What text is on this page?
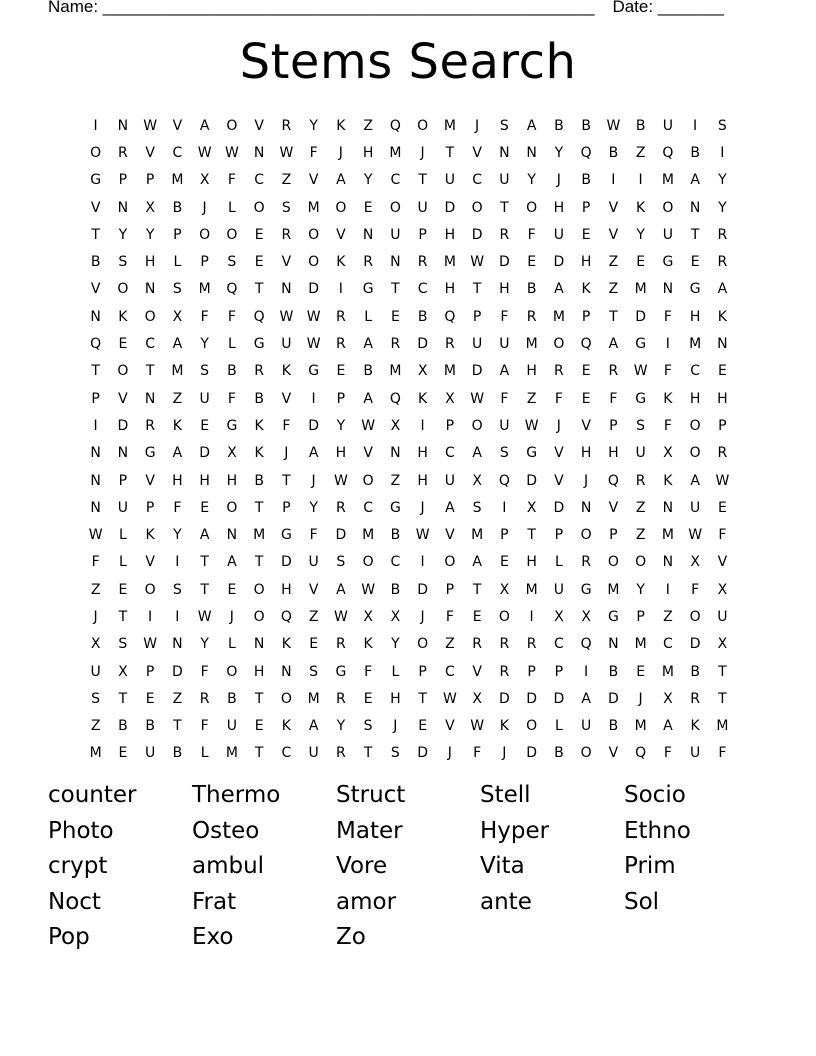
Name: ____________________________________________________ Date: _______
Stems Search
I	N	W	V	A	O	V	R	Y	K	Z	Q	O	M	J	S	A	B	B	W	B	U	I	S
O	R	V	C	W W	N	W	F	J	H	M	J	T	V	N	N	Y	Q	B	Z	Q	B	I
G	P	P	M	X	F	C	Z	V	A	Y	C	T	U	C	U	Y	J	B	I	I	M	A	Y
V	N	X	B	J	L	O	S	M	O	E	O	U	D	O	T	O	H	P	V	K	O	N	Y
T	Y	Y	P	O	O	E	R	O	V	N	U	P	H	D	R	F	U	E	V	Y	U	T	R
B	S	H	L	P	S	E	V	O	K	R	N	R	M	W	D	E	D	H	Z	E	G	E	R
V	O	N	S	M	Q	T	N	D	I	G	T	C	H	T	H	B	A	K	Z	M	N	G	A
N	K	O	X	F	F	Q	W W	R	L	E	B	Q	P	F	R	M	P	T	D	F	H	K
Q	E	C	A	Y	L	G	U	W	R	A	R	D	R	U	U	M	O	Q	A	G	I	M	N
T	O	T	M	S	B	R	K	G	E	B	M	X	M	D	A	H	R	E	R	W	F	C	E
P	V	N	Z	U	F	B	V	I	P	A	Q	K	X	W	F	Z	F	E	F	G	K	H	H
I	D	R	K	E	G	K	F	D	Y	W	X	I	P	O	U	W	J	V	P	S	F	O	P
N	N	G	A	D	X	K	J	A	H	V	N	H	C	A	S	G	V	H	H	U	X	O	R
N	P	V	H	H	H	B	T	J	W	O	Z	H	U	X	Q	D	V	J	Q	R	K	A	W
N	U	P	F	E	O	T	P	Y	R	C	G	J	A	S	I	X	D	N	V	Z	N	U	E
W	L	K	Y	A	N	M	G	F	D	M	B	W	V	M	P	T	P	O	P	Z	M	W	F
F	L	V	I	T	A	T	D	U	S	O	C	I	O	A	E	H	L	R	O	O	N	X	V
Z	E	O	S	T	E	O	H	V	A	W	B	D	P	T	X	M	U	G	M	Y	I	F	X
J	T	I	I	W	J	O	Q	Z	W	X	X	J	F	E	O	I	X	X	G	P	Z	O	U
X	S	W	N	Y	L	N	K	E	R	K	Y	O	Z	R	R	R	C	Q	N	M	C	D	X
U	X	P	D	F	O	H	N	S	G	F	L	P	C	V	R	P	P	I	B	E	M	B	T
S	T	E	Z	R	B	T	O	M	R	E	H	T	W	X	D	D	D	A	D	J	X	R	T
Z	B	B	T	F	U	E	K	A	Y	S	J	E	V	W	K	O	L	U	B	M	A	K	M
M	E	U	B	L	M	T	C	U	R	T	S	D	J	F	J	D	B	O	V	Q	F	U	F
counter	Thermo	Struct	Stell	Socio
Photo	Osteo	Mater	Hyper	Ethno
crypt	ambul	Vore	Vita	Prim
Noct	Frat	amor	ante	Sol
Pop	Exo	Zo
